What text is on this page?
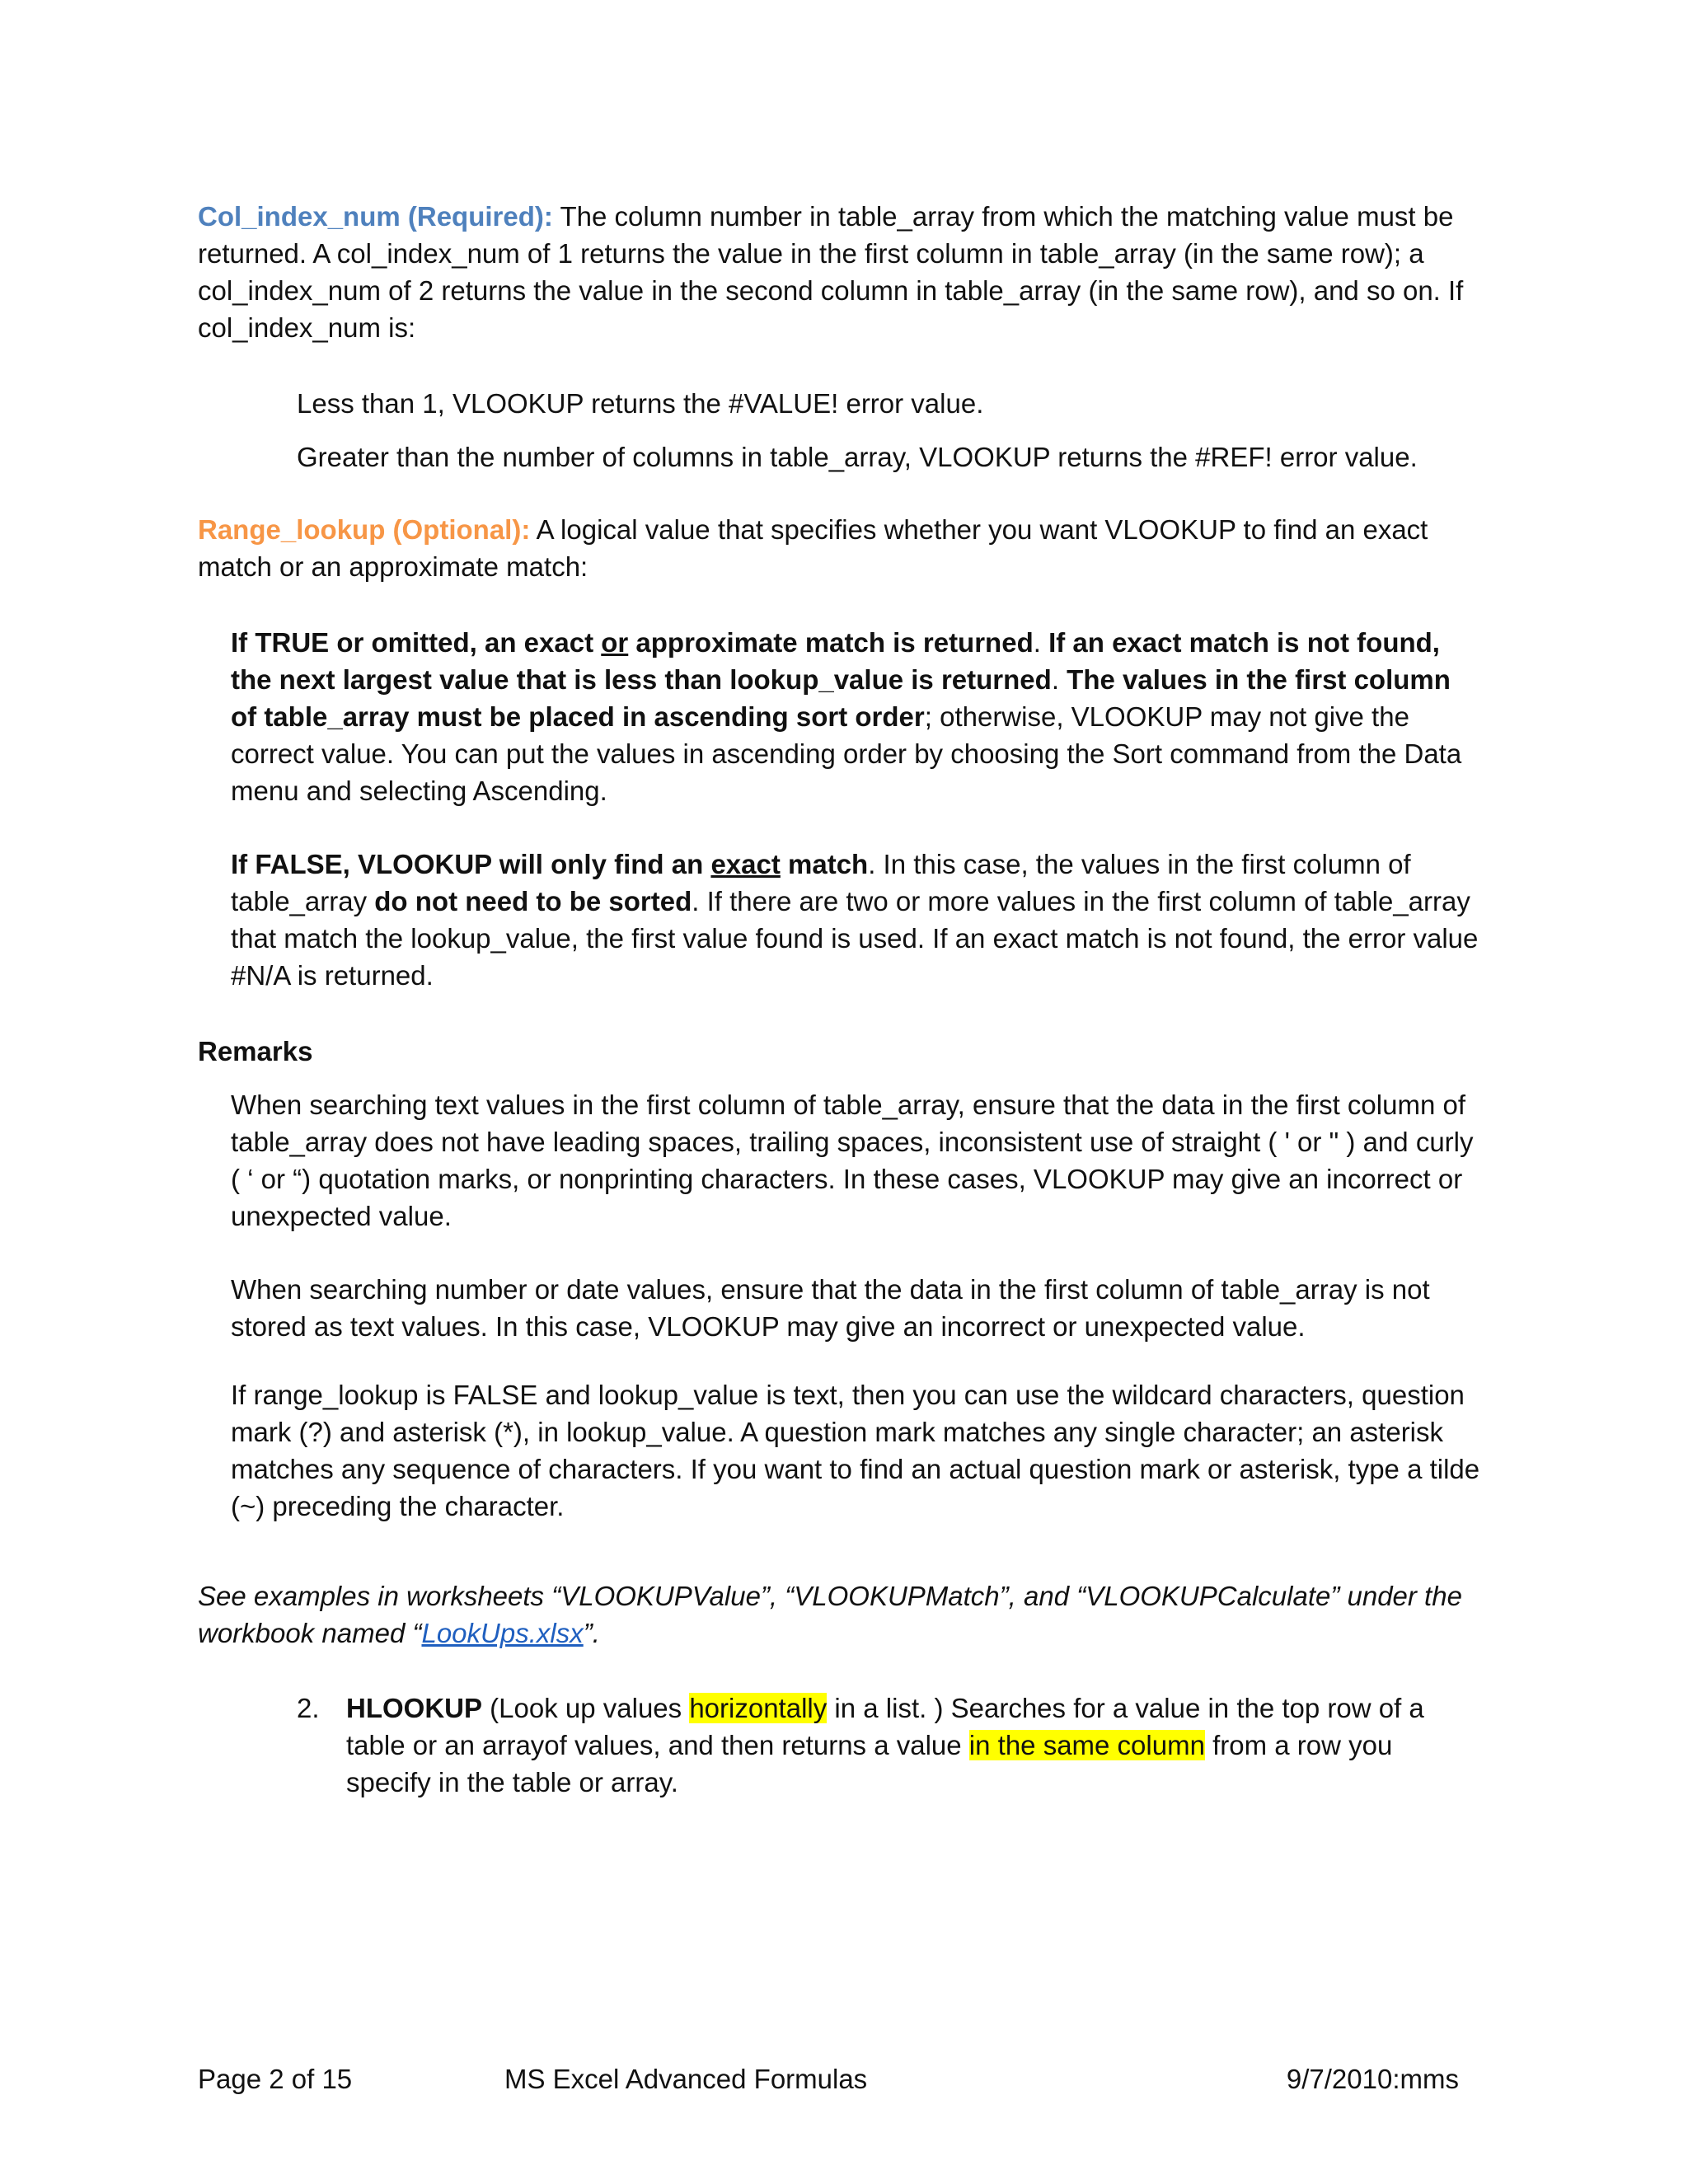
Col_index_num (Required): The column number in table_array from which the matching value must be returned. A col_index_num of 1 returns the value in the first column in table_array (in the same row); a col_index_num of 2 returns the value in the second column in table_array (in the same row), and so on. If col_index_num is:
Less than 1, VLOOKUP returns the #VALUE! error value.
Greater than the number of columns in table_array, VLOOKUP returns the #REF! error value.
Range_lookup (Optional): A logical value that specifies whether you want VLOOKUP to find an exact match or an approximate match:
If TRUE or omitted, an exact or approximate match is returned. If an exact match is not found, the next largest value that is less than lookup_value is returned. The values in the first column of table_array must be placed in ascending sort order; otherwise, VLOOKUP may not give the correct value. You can put the values in ascending order by choosing the Sort command from the Data menu and selecting Ascending.
If FALSE, VLOOKUP will only find an exact match. In this case, the values in the first column of table_array do not need to be sorted. If there are two or more values in the first column of table_array that match the lookup_value, the first value found is used. If an exact match is not found, the error value #N/A is returned.
Remarks
When searching text values in the first column of table_array, ensure that the data in the first column of table_array does not have leading spaces, trailing spaces, inconsistent use of straight ( ' or " ) and curly ( ‘ or “) quotation marks, or nonprinting characters. In these cases, VLOOKUP may give an incorrect or unexpected value.
When searching number or date values, ensure that the data in the first column of table_array is not stored as text values. In this case, VLOOKUP may give an incorrect or unexpected value.
If range_lookup is FALSE and lookup_value is text, then you can use the wildcard characters, question mark (?) and asterisk (*), in lookup_value. A question mark matches any single character; an asterisk matches any sequence of characters. If you want to find an actual question mark or asterisk, type a tilde (~) preceding the character.
See examples in worksheets “VLOOKUPValue”, “VLOOKUPMatch”, and “VLOOKUPCalculate” under the workbook named “LookUps.xlsx”.
2. HLOOKUP (Look up values horizontally in a list. ) Searches for a value in the top row of a table or an arrayof values, and then returns a value in the same column from a row you specify in the table or array.
Page 2 of 15	MS Excel Advanced Formulas	9/7/2010:mms
